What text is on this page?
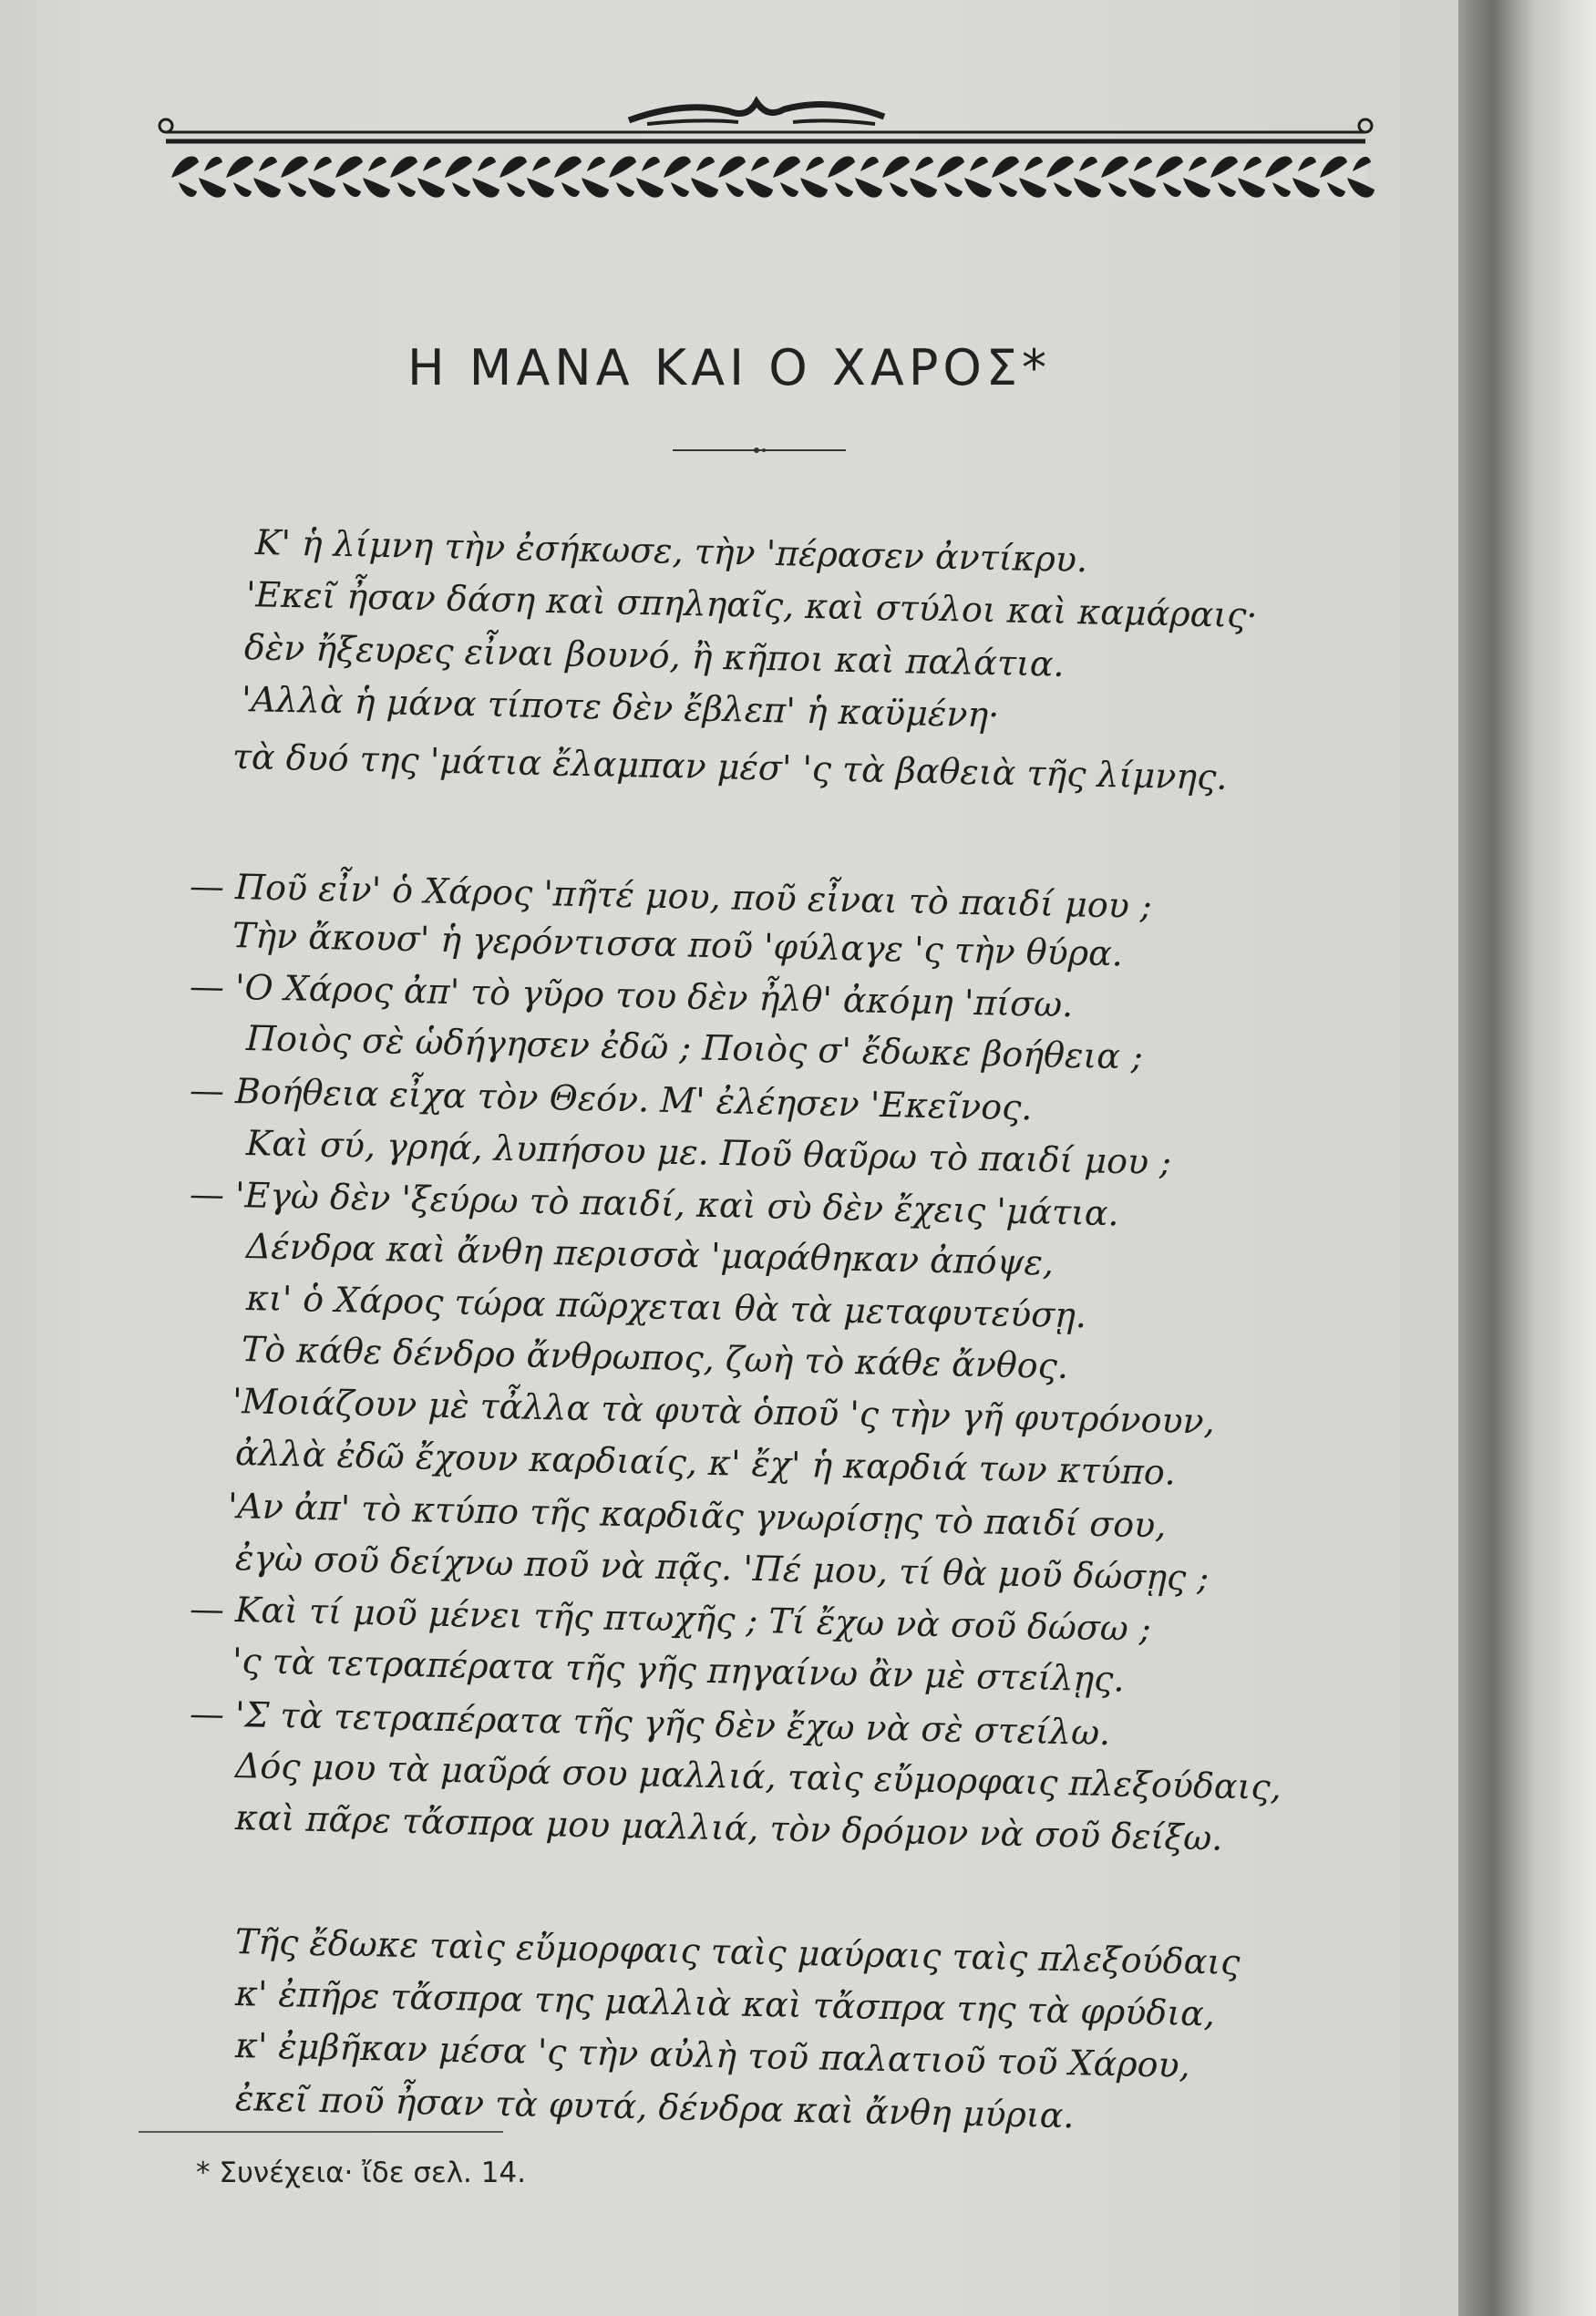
Η ΜΑΝΑ ΚΑΙ Ο ΧΑΡΟΣ*
Κ' ἡ λίμνη τὴν ἐσήκωσε, τὴν 'πέρασεν ἀντίκρυ.
'Εκεῖ ἦσαν δάση καὶ σπηληαῖς, καὶ στύλοι καὶ καμάραις·
δὲν ἤξευρες εἶναι βουνό, ἢ κῆποι καὶ παλάτια.
'Αλλὰ ἡ μάνα τίποτε δὲν ἔβλεπ' ἡ καϋμένη·
τὰ δυό της 'μάτια ἔλαμπαν μέσ' 'ς τὰ βαθειὰ τῆς λίμνης.
— Ποῦ εἶν' ὁ Χάρος 'πῆτέ μου, ποῦ εἶναι τὸ παιδί μου ;
Τὴν ἄκουσ' ἡ γερόντισσα ποῦ 'φύλαγε 'ς τὴν θύρα.
— 'Ο Χάρος ἀπ' τὸ γῦρο του δὲν ἦλθ' ἀκόμη 'πίσω.
Ποιὸς σὲ ὡδήγησεν ἐδῶ ; Ποιὸς σ' ἔδωκε βοήθεια ;
— Βοήθεια εἶχα τὸν Θεόν. Μ' ἐλέησεν 'Εκεῖνος.
Καὶ σύ, γρηά, λυπήσου με. Ποῦ θαῦρω τὸ παιδί μου ;
— 'Εγὼ δὲν 'ξεύρω τὸ παιδί, καὶ σὺ δὲν ἔχεις 'μάτια.
Δένδρα καὶ ἄνθη περισσὰ 'μαράθηκαν ἀπόψε,
κι' ὁ Χάρος τώρα πῶρχεται θὰ τὰ μεταφυτεύσῃ.
Τὸ κάθε δένδρο ἄνθρωπος, ζωὴ τὸ κάθε ἄνθος.
'Μοιάζουν μὲ τἆλλα τὰ φυτὰ ὁποῦ 'ς τὴν γῆ φυτρόνουν,
ἀλλὰ ἐδῶ ἔχουν καρδιαίς, κ' ἔχ' ἡ καρδιά των κτύπο.
'Αν ἀπ' τὸ κτύπο τῆς καρδιᾶς γνωρίσῃς τὸ παιδί σου,
ἐγὼ σοῦ δείχνω ποῦ νὰ πᾷς. 'Πέ μου, τί θὰ μοῦ δώσῃς ;
— Καὶ τί μοῦ μένει τῆς πτωχῆς ; Τί ἔχω νὰ σοῦ δώσω ;
'ς τὰ τετραπέρατα τῆς γῆς πηγαίνω ἂν μὲ στείλῃς.
— 'Σ τὰ τετραπέρατα τῆς γῆς δὲν ἔχω νὰ σὲ στείλω.
Δός μου τὰ μαῦρά σου μαλλιά, ταὶς εὔμορφαις πλεξούδαις,
καὶ πᾶρε τἄσπρα μου μαλλιά, τὸν δρόμον νὰ σοῦ δείξω.
Τῆς ἔδωκε ταὶς εὔμορφαις ταὶς μαύραις ταὶς πλεξούδαις
κ' ἐπῆρε τἄσπρα της μαλλιὰ καὶ τἄσπρα της τὰ φρύδια,
κ' ἐμβῆκαν μέσα 'ς τὴν αὐλὴ τοῦ παλατιοῦ τοῦ Χάρου,
ἐκεῖ ποῦ ἦσαν τὰ φυτά, δένδρα καὶ ἄνθη μύρια.
* Συνέχεια· ἴδε σελ. 14.
